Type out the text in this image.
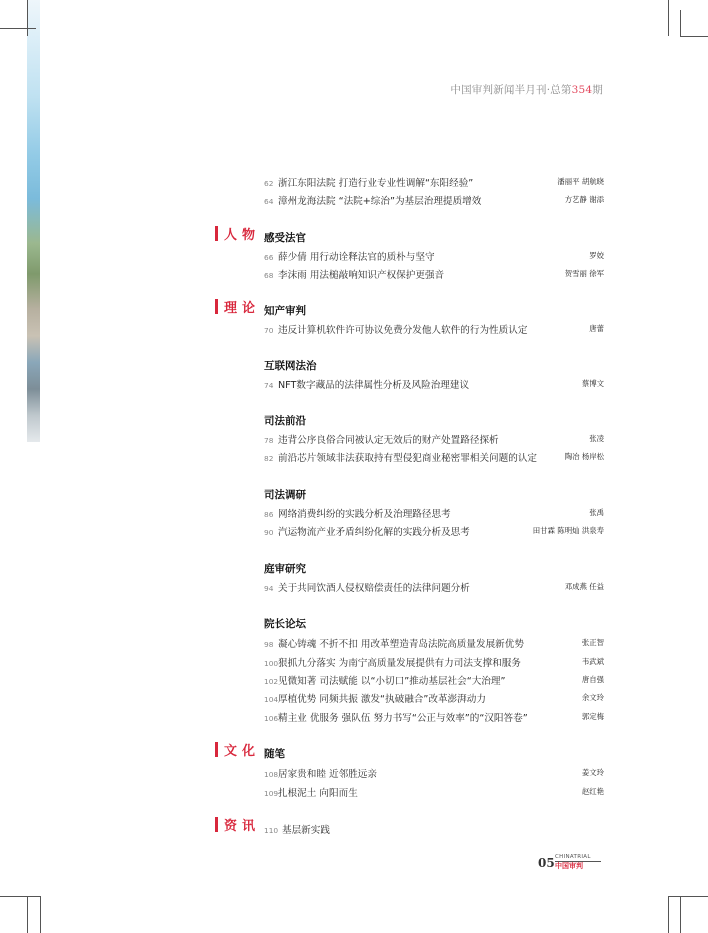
中国审判新闻半月刊·总第354期
62 浙江东阳法院 打造行业专业性调解“东阳经验”	潘丽平 胡航晓
64 漳州龙海法院 “法院+综治”为基层治理提质增效	方艺静 谢添
人物 感受法官
66 薛少倩 用行动诠释法官的质朴与坚守	罗姣
68 李沫雨 用法槌敲响知识产权保护更强音	贺雪丽 徐军
理论 知产审判
70 违反计算机软件许可协议免费分发他人软件的行为性质认定	唐蕾
互联网法治
74 NFT数字藏品的法律属性分析及风险治理建议	蔡博文
司法前沿
78 违背公序良俗合同被认定无效后的财产处置路径探析	张凌
82 前沿芯片领域非法获取持有型侵犯商业秘密罪相关问题的认定	陶冶 杨岸松
司法调研
86 网络消费纠纷的实践分析及治理路径思考	张禹
90 汽运物流产业矛盾纠纷化解的实践分析及思考	田甘霖 陈明灿 洪泉寿
庭审研究
94 关于共同饮酒人侵权赔偿责任的法律问题分析	邓成燕 任益
院长论坛
98 凝心铸魂 不折不扣 用改革塑造青岛法院高质量发展新优势	张正智
100狠抓九分落实 为南宁高质量发展提供有力司法支撑和服务	韦武斌
102见微知著 司法赋能 以“小切口”推动基层社会“大治理”	唐自强
104厚植优势 同频共振 激发“执破融合”改革澎湃动力	余文玲
106精主业 优服务 强队伍 努力书写“公正与效率”的“汉阳答卷”	郭定梅
文化 随笔
108居家贵和睦 近邻胜远亲	姜文玲
109扎根泥土 向阳而生	赵红艳
资讯 110 基层新实践
05 CHINATRIAL
中国审判
